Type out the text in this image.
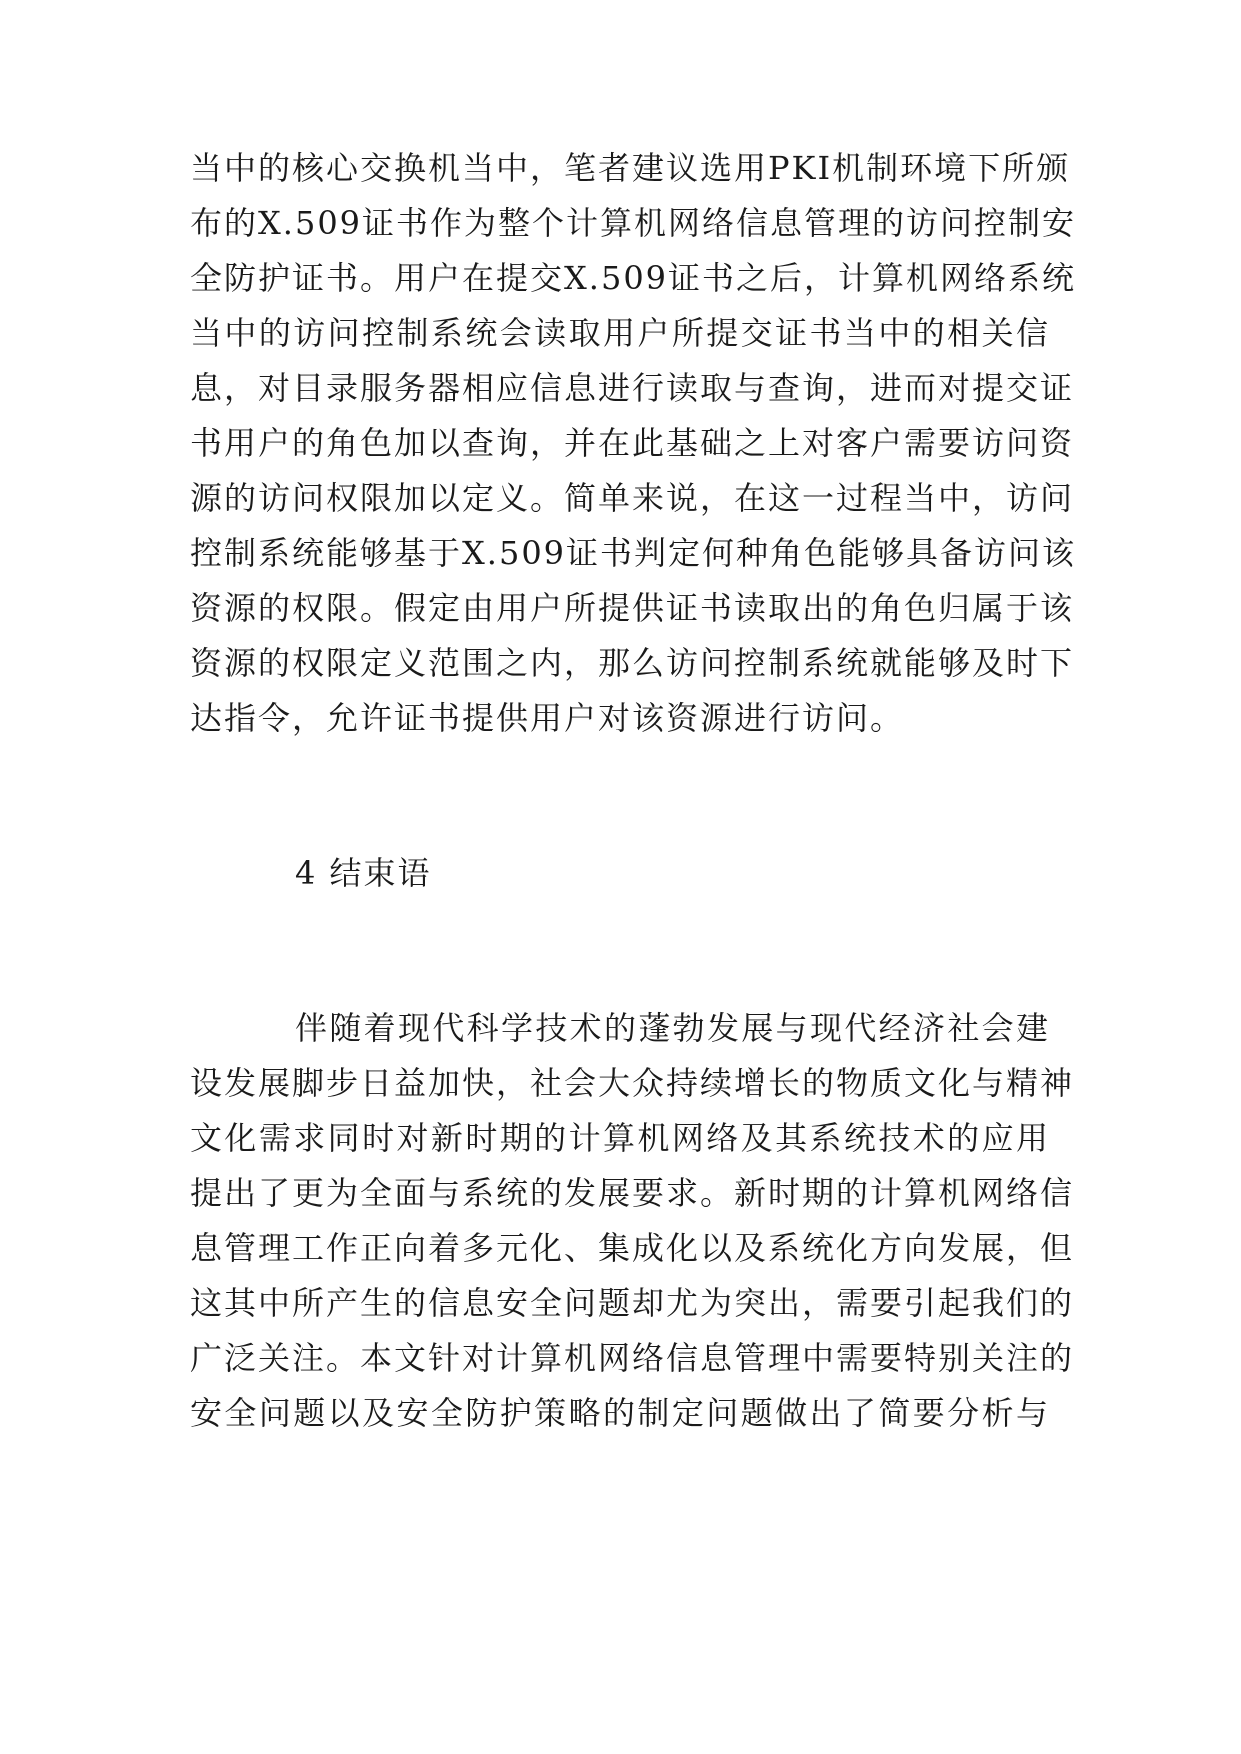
当中的核心交换机当中，笔者建议选用PKI机制环境下所颁
布的X.509证书作为整个计算机网络信息管理的访问控制安
全防护证书。用户在提交X.509证书之后，计算机网络系统
当中的访问控制系统会读取用户所提交证书当中的相关信
息，对目录服务器相应信息进行读取与查询，进而对提交证
书用户的角色加以查询，并在此基础之上对客户需要访问资
源的访问权限加以定义。简单来说，在这一过程当中，访问
控制系统能够基于X.509证书判定何种角色能够具备访问该
资源的权限。假定由用户所提供证书读取出的角色归属于该
资源的权限定义范围之内，那么访问控制系统就能够及时下
达指令，允许证书提供用户对该资源进行访问。
4 结束语
伴随着现代科学技术的蓬勃发展与现代经济社会建
设发展脚步日益加快，社会大众持续增长的物质文化与精神
文化需求同时对新时期的计算机网络及其系统技术的应用
提出了更为全面与系统的发展要求。新时期的计算机网络信
息管理工作正向着多元化、集成化以及系统化方向发展，但
这其中所产生的信息安全问题却尤为突出，需要引起我们的
广泛关注。本文针对计算机网络信息管理中需要特别关注的
安全问题以及安全防护策略的制定问题做出了简要分析与
